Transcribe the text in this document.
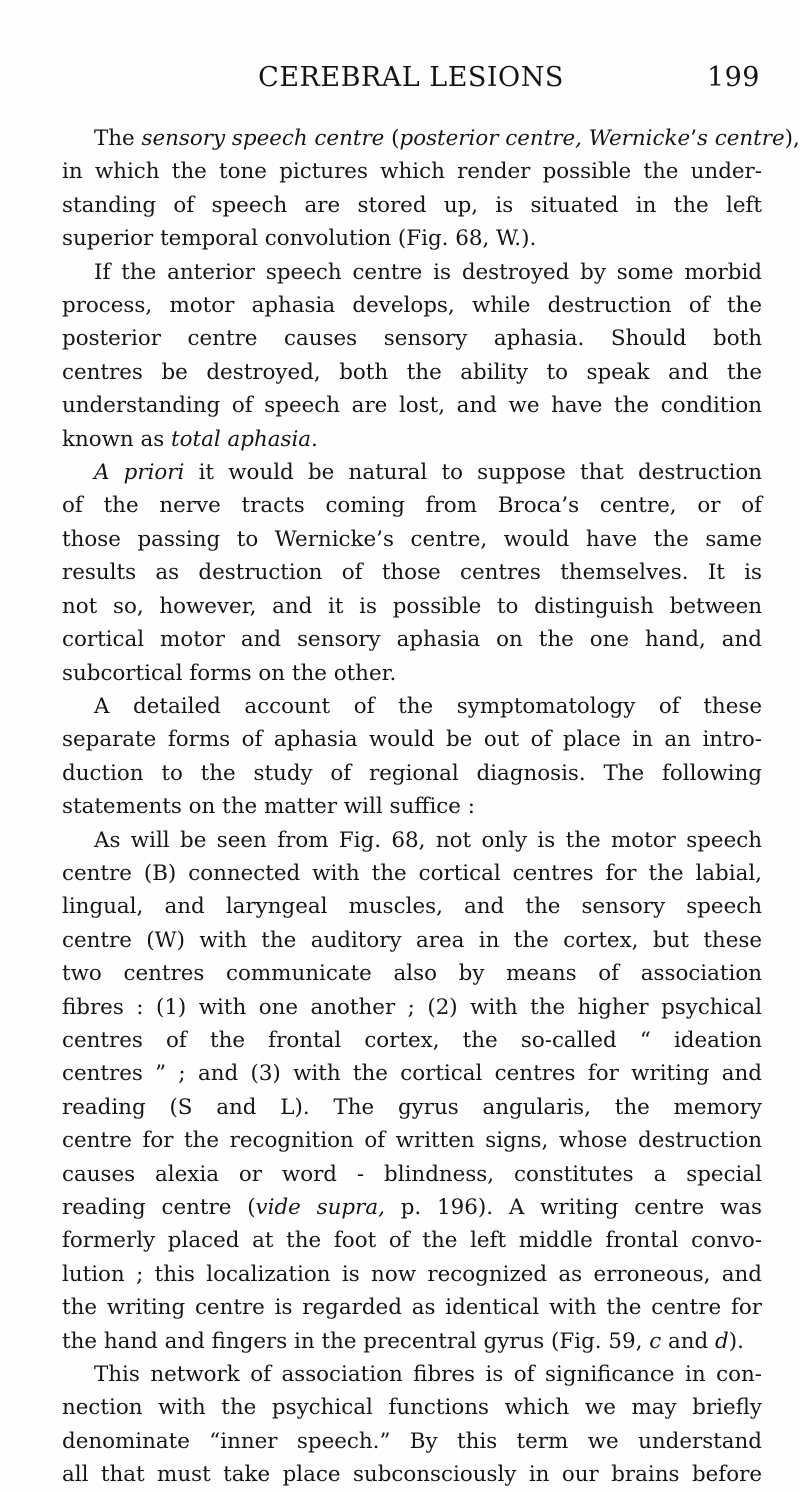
CEREBRAL LESIONS	199
The sensory speech centre (posterior centre, Wernicke’s centre),
in which the tone pictures which render possible the under-
standing of speech are stored up, is situated in the left
superior temporal convolution (Fig. 68, W.).
If the anterior speech centre is destroyed by some morbid
process, motor aphasia develops, while destruction of the
posterior centre causes sensory aphasia. Should both
centres be destroyed, both the ability to speak and the
understanding of speech are lost, and we have the condition
known as total aphasia.
A priori it would be natural to suppose that destruction
of the nerve tracts coming from Broca’s centre, or of
those passing to Wernicke’s centre, would have the same
results as destruction of those centres themselves. It is
not so, however, and it is possible to distinguish between
cortical motor and sensory aphasia on the one hand, and
subcortical forms on the other.
A detailed account of the symptomatology of these
separate forms of aphasia would be out of place in an intro-
duction to the study of regional diagnosis. The following
statements on the matter will suffice :
As will be seen from Fig. 68, not only is the motor speech
centre (B) connected with the cortical centres for the labial,
lingual, and laryngeal muscles, and the sensory speech
centre (W) with the auditory area in the cortex, but these
two centres communicate also by means of association
fibres : (1) with one another ; (2) with the higher psychical
centres of the frontal cortex, the so-called “ ideation
centres ” ; and (3) with the cortical centres for writing and
reading (S and L). The gyrus angularis, the memory
centre for the recognition of written signs, whose destruction
causes alexia or word - blindness, constitutes a special
reading centre (vide supra, p. 196). A writing centre was
formerly placed at the foot of the left middle frontal convo-
lution ; this localization is now recognized as erroneous, and
the writing centre is regarded as identical with the centre for
the hand and fingers in the precentral gyrus (Fig. 59, c and d).
This network of association fibres is of significance in con-
nection with the psychical functions which we may briefly
denominate “inner speech.” By this term we understand
all that must take place subconsciously in our brains before
